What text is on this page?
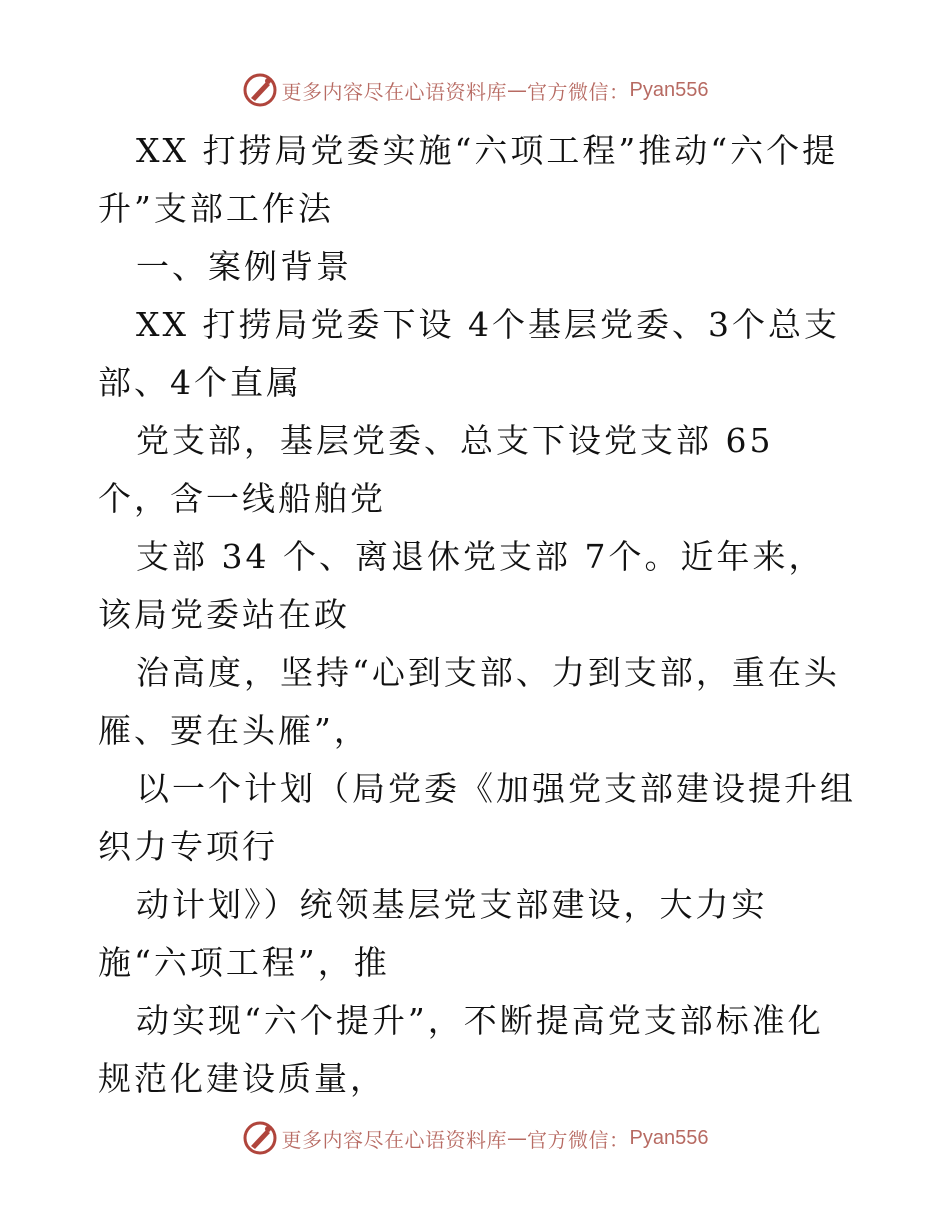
更多内容尽在心语资料库 — 官方微信： Pyan556

XX 打捞局党委实施“六项工程”推动“六个提升”支部工作法

一、案例背景

XX 打捞局党委下设 4个基层党委、3个总支部、4个直属

党支部，基层党委、总支下设党支部 65 个，含一线船舶党

支部 34 个、离退休党支部 7个。近年来，该局党委站在政

治高度，坚持“心到支部、力到支部，重在头雁、要在头雁”，

以一个计划（局党委《加强党支部建设提升组织力专项行

动计划》）统领基层党支部建设，大力实施“六项工程”，推

动实现“六个提升”，不断提高党支部标准化规范化建设质量，

更多内容尽在心语资料库 — 官方微信： Pyan556
